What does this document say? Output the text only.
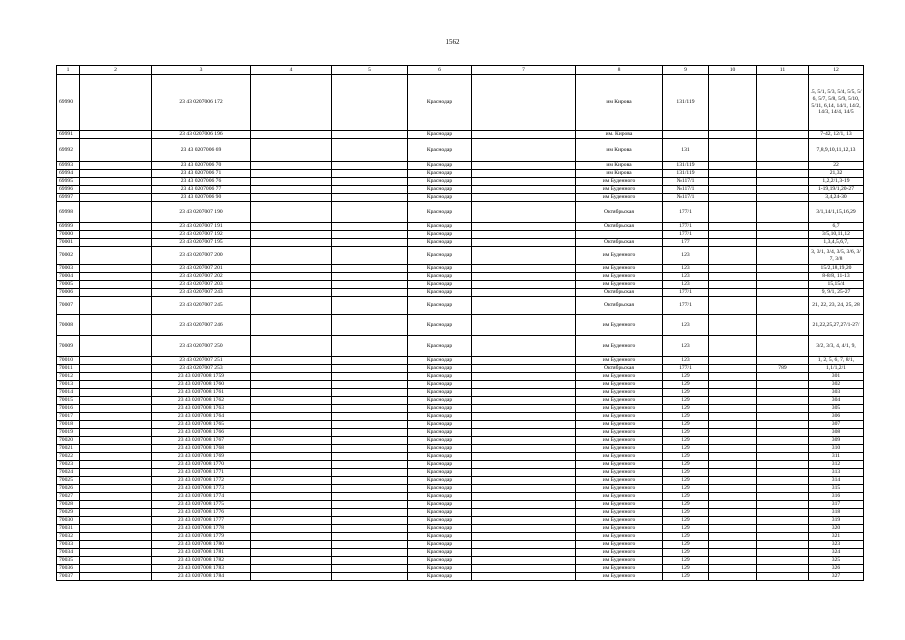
1562
1	2	3	4	5	6	7	8	9	10	11	12
69990		23 43 0207006 172			Краснодар		им Кирова	131/119			.5, 5/1, 5/3, 5/4, 5/5, 5/6, 5/7, 5/8, 5/9, 5/10, 5/11, 6,14, 14/1, 14/2, 14/3, 14/4, 14/5
69991		23 43 0207006 196			Краснодар		им. Кирова				7-42, 12/1, 13
69992		23 43 0207006 69			Краснодар		им Кирова	131			7,8,9,10,11,12,13
69993		23 43 0207006 70			Краснодар		им Кирова	131/119			22
69994		23 43 0207006 71			Краснодар		им Кирова	131/119			21,32
69995		23 43 0207006 76			Краснодар		им Буденного	№117/1			1,2,2/1,3-19
69996		23 43 0207006 77			Краснодар		им Буденного	№117/1			1-19,19/1,20-27
69997		23 43 0207006 90			Краснодар		им Буденного	№117/1			3,4,24-30
69998		23 43 0207007 190			Краснодар		Октябрьская	177/1			3/1,14/1,15,16,29
69999		23 43 0207007 191			Краснодар		Октябрьская	177/1			6,7
70000		23 43 0207007 192			Краснодар			177/1			3/5,10,11,12
70001		23 43 0207007 195			Краснодар		Октябрьская	177			1,3,4,5,6,7,
70002		23 43 0207007 200			Краснодар		им Буденного	123			3, 3/1, 3/4, 3/5, 3/6, 3/7, 3/8
70003		23 43 0207007 201			Краснодар		им Буденного	123			15/2,18,19,20
70004		23 43 0207007 202			Краснодар		им Буденного	123			8-8/8, 11-13
70005		23 43 0207007 203			Краснодар		им Буденного	123			15,15/4
70006		23 43 0207007 243			Краснодар		Октябрьская	177/1			9, 9/1, 25-27
70007		23 43 0207007 245			Краснодар		Октябрьская	177/1			21, 22, 23, 24, 25, 28
70008		23 43 0207007 246			Краснодар		им Буденного	123			21,22,25,27,27/1-27/
70009		23 43 0207007 250			Краснодар		им Буденного	123			3/2, 3/3, 4, 4/1, 9,
70010		23 43 0207007 251			Краснодар		им Буденного	123			1, 2, 5, 6, 7, 8/1,
70011		23 43 0207007 253			Краснодар		Октябрьская	177/1		789	1,1/1,2/1
70012		23 43 0207008 1759			Краснодар		им Буденного	129			301
70013		23 43 0207008 1760			Краснодар		им Буденного	129			302
70014		23 43 0207008 1761			Краснодар		им Буденного	129			303
70015		23 43 0207008 1762			Краснодар		им Буденного	129			304
70016		23 43 0207008 1763			Краснодар		им Буденного	129			305
70017		23 43 0207008 1764			Краснодар		им Буденного	129			306
70018		23 43 0207008 1765			Краснодар		им Буденного	129			307
70019		23 43 0207008 1766			Краснодар		им Буденного	129			308
70020		23 43 0207008 1767			Краснодар		им Буденного	129			309
70021		23 43 0207008 1768			Краснодар		им Буденного	129			310
70022		23 43 0207008 1769			Краснодар		им Буденного	129			311
70023		23 43 0207008 1770			Краснодар		им Буденного	129			312
70024		23 43 0207008 1771			Краснодар		им Буденного	129			313
70025		23 43 0207008 1772			Краснодар		им Буденного	129			314
70026		23 43 0207008 1773			Краснодар		им Буденного	129			315
70027		23 43 0207008 1774			Краснодар		им Буденного	129			316
70028		23 43 0207008 1775			Краснодар		им Буденного	129			317
70029		23 43 0207008 1776			Краснодар		им Буденного	129			318
70030		23 43 0207008 1777			Краснодар		им Буденного	129			319
70031		23 43 0207008 1778			Краснодар		им Буденного	129			320
70032		23 43 0207008 1779			Краснодар		им Буденного	129			321
70033		23 43 0207008 1780			Краснодар		им Буденного	129			323
70034		23 43 0207008 1781			Краснодар		им Буденного	129			324
70035		23 43 0207008 1782			Краснодар		им Буденного	129			325
70036		23 43 0207008 1783			Краснодар		им Буденного	129			326
70037		23 43 0207008 1784			Краснодар		им Буденного	129			327
